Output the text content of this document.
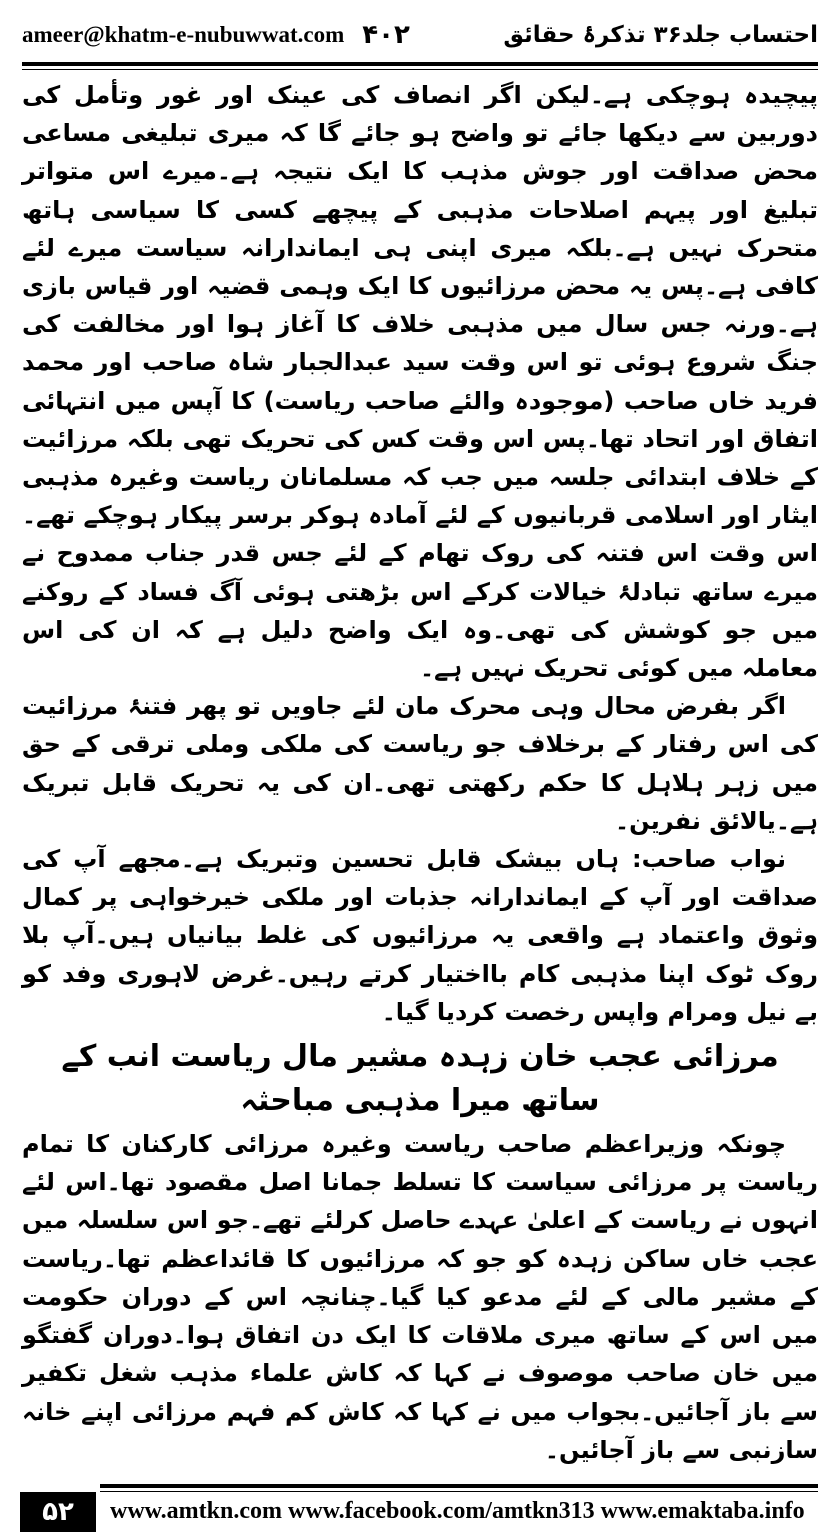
ameer@khatm-e-nubuwwat.com ۴۰۲	احتساب جلد۳۶ تذکرۂ حقائق

پیچیدہ ہوچکی ہے۔لیکن اگر انصاف کی عینک اور غور وتأمل کی دوربین سے دیکھا جائے تو واضح ہو جائے گا کہ میری تبلیغی مساعی محض صداقت اور جوش مذہب کا ایک نتیجہ ہے۔میرے اس متواتر تبلیغ اور پیہم اصلاحات مذہبی کے پیچھے کسی کا سیاسی ہاتھ متحرک نہیں ہے۔بلکہ میری اپنی ہی ایماندارانہ سیاست میرے لئے کافی ہے۔پس یہ محض مرزائیوں کا ایک وہمی قضیہ اور قیاس بازی ہے۔ورنہ جس سال میں مذہبی خلاف کا آغاز ہوا اور مخالفت کی جنگ شروع ہوئی تو اس وقت سید عبدالجبار شاہ صاحب اور محمد فرید خاں صاحب (موجودہ والئے صاحب ریاست) کا آپس میں انتہائی اتفاق اور اتحاد تھا۔پس اس وقت کس کی تحریک تھی بلکہ مرزائیت کے خلاف ابتدائی جلسہ میں جب کہ مسلمانان ریاست وغیرہ مذہبی ایثار اور اسلامی قربانیوں کے لئے آمادہ ہوکر برسر پیکار ہوچکے تھے۔اس وقت اس فتنہ کی روک تھام کے لئے جس قدر جناب ممدوح نے میرے ساتھ تبادلۂ خیالات کرکے اس بڑھتی ہوئی آگ فساد کے روکنے میں جو کوشش کی تھی۔وہ ایک واضح دلیل ہے کہ ان کی اس معاملہ میں کوئی تحریک نہیں ہے۔

اگر بفرض محال وہی محرک مان لئے جاویں تو پھر فتنۂ مرزائیت کی اس رفتار کے برخلاف جو ریاست کی ملکی وملی ترقی کے حق میں زہر ہلاہل کا حکم رکھتی تھی۔ان کی یہ تحریک قابل تبریک ہے۔یالائق نفرین۔

نواب صاحب: ہاں بیشک قابل تحسین وتبریک ہے۔مجھے آپ کی صداقت اور آپ کے ایماندارانہ جذبات اور ملکی خیرخواہی پر کمال وثوق واعتماد ہے واقعی یہ مرزائیوں کی غلط بیانیاں ہیں۔آپ بلا روک ٹوک اپنا مذہبی کام بااختیار کرتے رہیں۔غرض لاہوری وفد کو بے نیل ومرام واپس رخصت کردیا گیا۔

مرزائی عجب خان زہدہ مشیر مال ریاست انب کے ساتھ میرا مذہبی مباحثہ

چونکہ وزیراعظم صاحب ریاست وغیرہ مرزائی کارکنان کا تمام ریاست پر مرزائی سیاست کا تسلط جمانا اصل مقصود تھا۔اس لئے انہوں نے ریاست کے اعلیٰ عہدے حاصل کرلئے تھے۔جو اس سلسلہ میں عجب خاں ساکن زہدہ کو جو کہ مرزائیوں کا قائداعظم تھا۔ریاست کے مشیر مالی کے لئے مدعو کیا گیا۔چنانچہ اس کے دوران حکومت میں اس کے ساتھ میری ملاقات کا ایک دن اتفاق ہوا۔دوران گفتگو میں خان صاحب موصوف نے کہا کہ کاش علماء مذہب شغل تکفیر سے باز آجائیں۔بجواب میں نے کہا کہ کاش کم فہم مرزائی اپنے خانہ سازنبی سے باز آجائیں۔

۵۲	www.amtkn.com www.facebook.com/amtkn313 www.emaktaba.info
